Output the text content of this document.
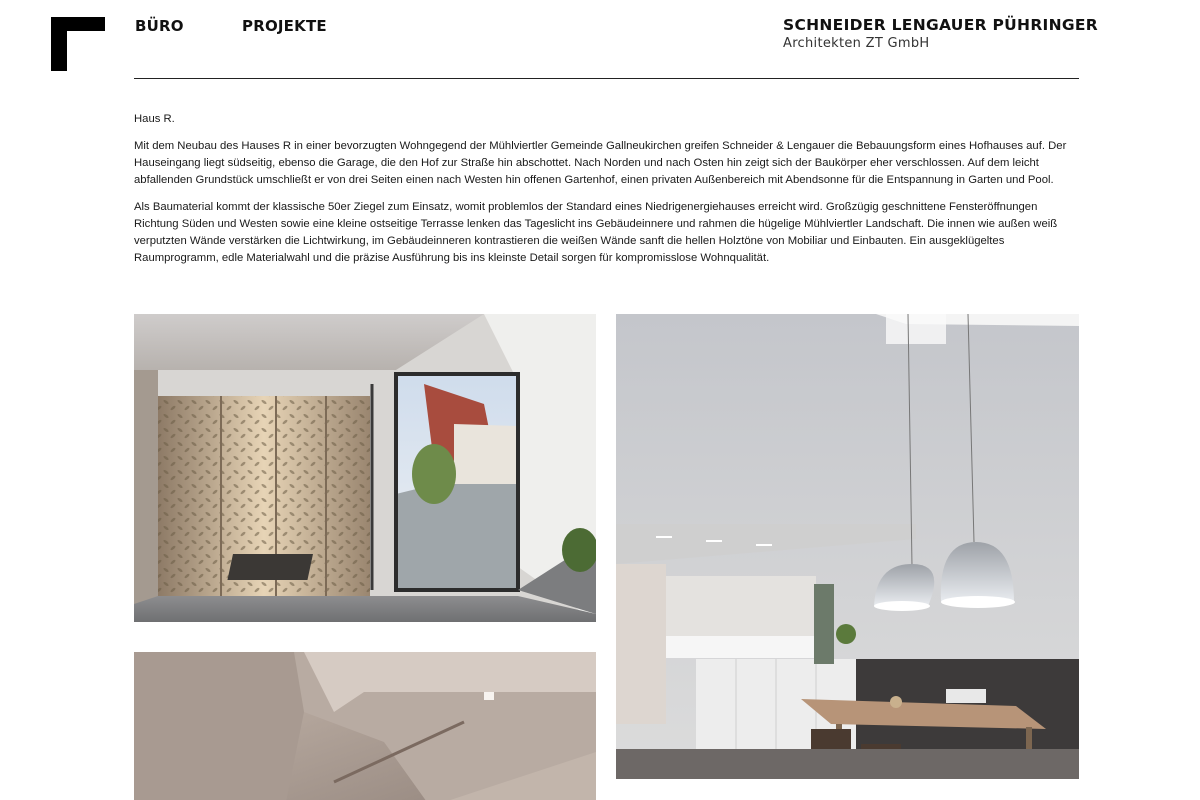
BÜRO	PROJEKTE	SCHNEIDER LENGAUER PÜHRINGER
Architekten ZT GmbH

Haus R.

Mit dem Neubau des Hauses R in einer bevorzugten Wohngegend der Mühlviertler Gemeinde Gallneukirchen greifen Schneider & Lengauer die Bebauungsform eines Hofhauses auf. Der Hauseingang liegt südseitig, ebenso die Garage, die den Hof zur Straße hin abschottet. Nach Norden und nach Osten hin zeigt sich der Baukörper eher verschlossen. Auf dem leicht abfallenden Grundstück umschließt er von drei Seiten einen nach Westen hin offenen Gartenhof, einen privaten Außenbereich mit Abendsonne für die Entspannung in Garten und Pool.

Als Baumaterial kommt der klassische 50er Ziegel zum Einsatz, womit problemlos der Standard eines Niedrigenergiehauses erreicht wird. Großzügig geschnittene Fensteröffnungen Richtung Süden und Westen sowie eine kleine ostseitige Terrasse lenken das Tageslicht ins Gebäudeinnere und rahmen die hügelige Mühlviertler Landschaft. Die innen wie außen weiß verputzten Wände verstärken die Lichtwirkung, im Gebäudeinneren kontrastieren die weißen Wände sanft die hellen Holztöne von Mobiliar und Einbauten. Ein ausgeklügeltes Raumprogramm, edle Materialwahl und die präzise Ausführung bis ins kleinste Detail sorgen für kompromisslose Wohnqualität.
